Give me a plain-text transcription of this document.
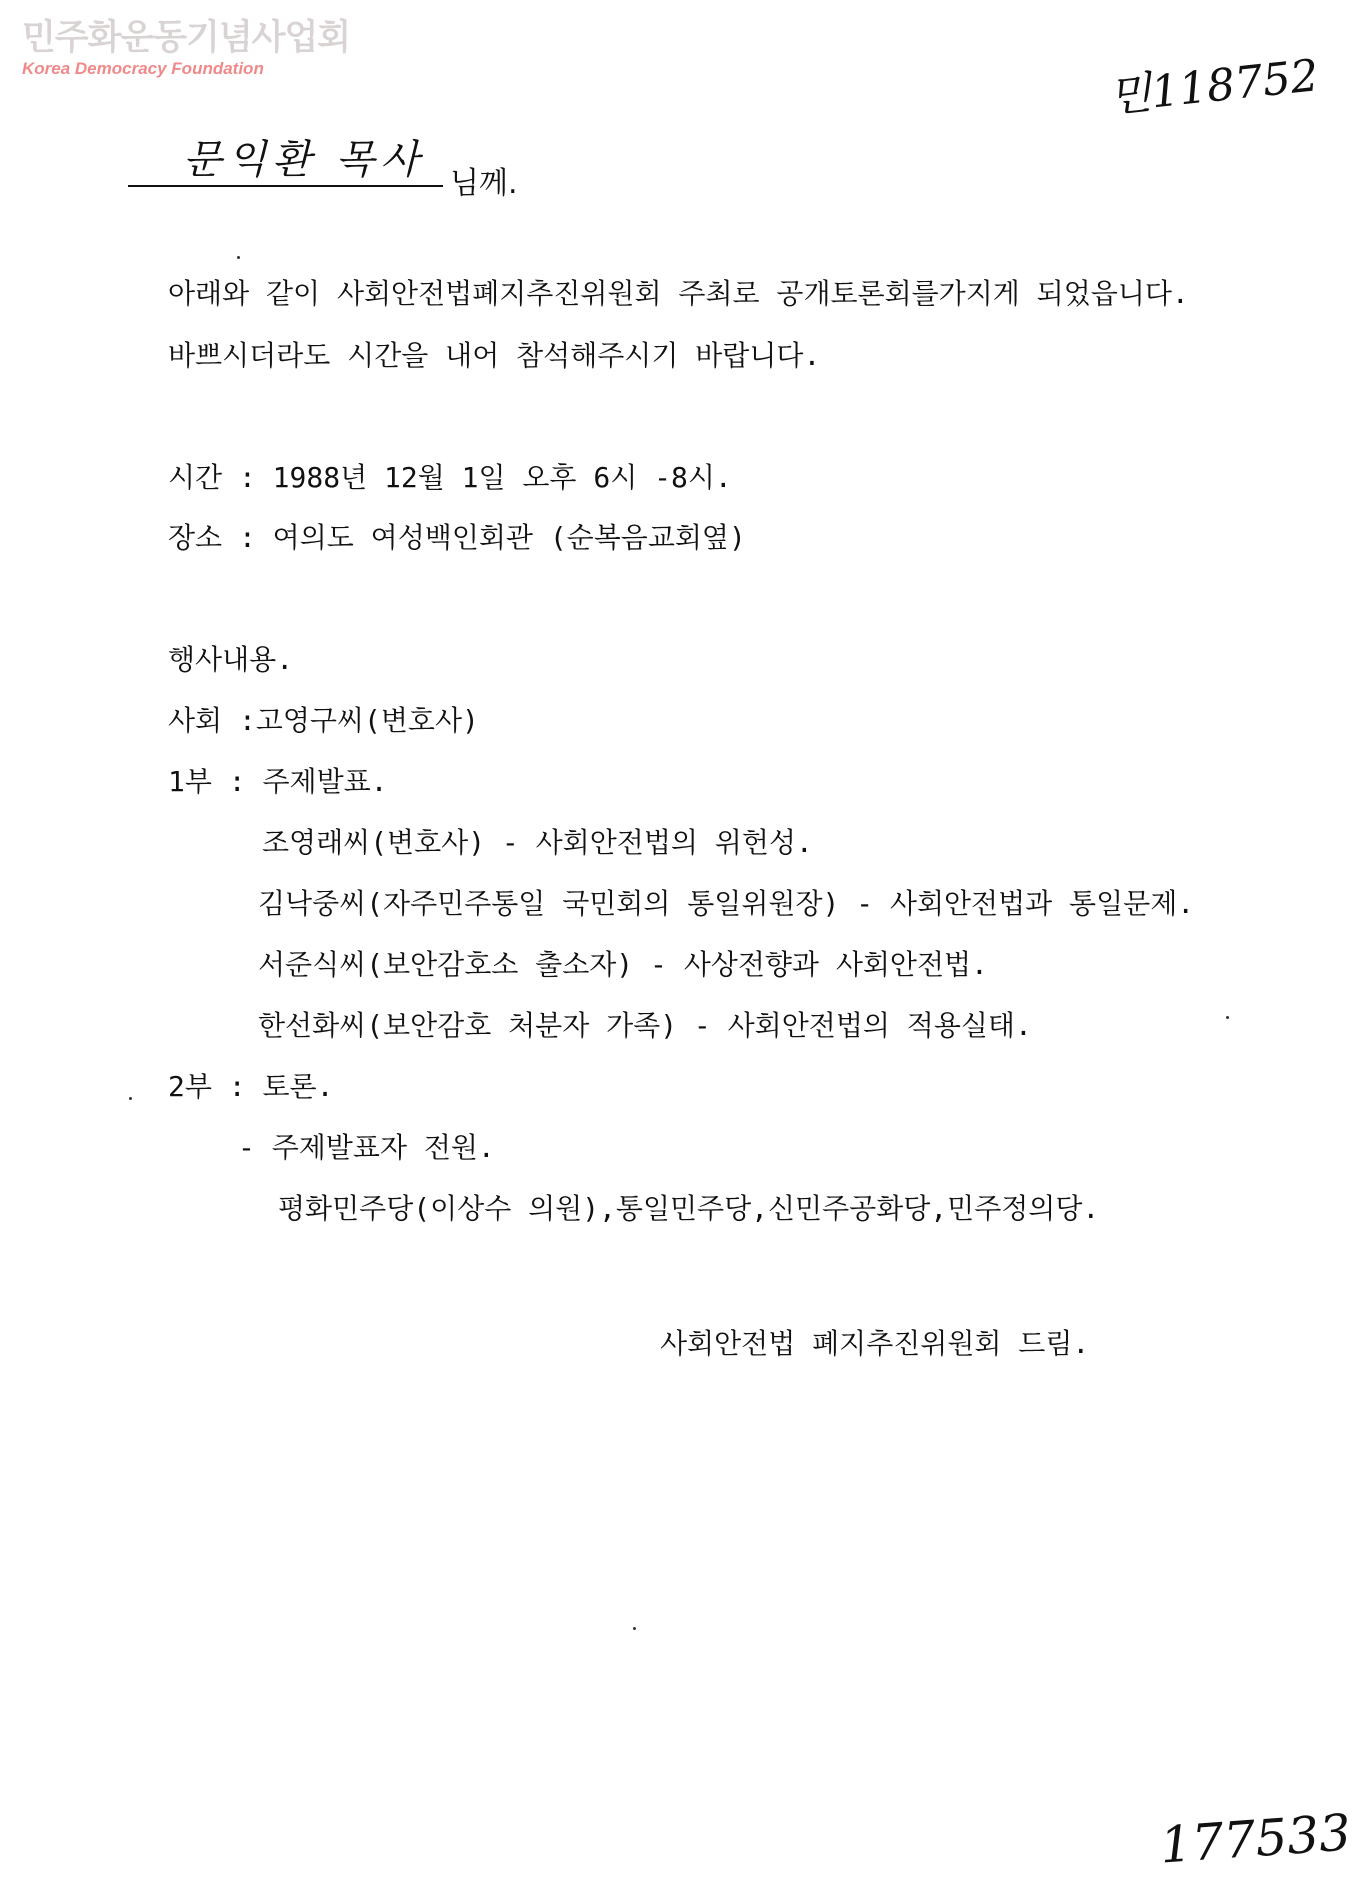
민주화운동기념사업회
Korea Democracy Foundation	민118752
문익환 목사
님께.
아래와 같이 사회안전법폐지추진위원회 주최로 공개토론회를가지게 되었읍니다.
바쁘시더라도 시간을 내어 참석해주시기 바랍니다.
시간 : 1988년 12월 1일 오후 6시 -8시.
장소 : 여의도 여성백인회관 (순복음교회옆)
행사내용.
사회 :고영구씨(변호사)
1부 : 주제발표.
조영래씨(변호사) - 사회안전법의 위헌성.
김낙중씨(자주민주통일 국민회의 통일위원장) - 사회안전법과 통일문제.
서준식씨(보안감호소 출소자) - 사상전향과 사회안전법.
한선화씨(보안감호 처분자 가족) - 사회안전법의 적용실태.
2부 : 토론.
- 주제발표자 전원.
평화민주당(이상수 의원),통일민주당,신민주공화당,민주정의당.
사회안전법 폐지추진위원회 드림.
177533
